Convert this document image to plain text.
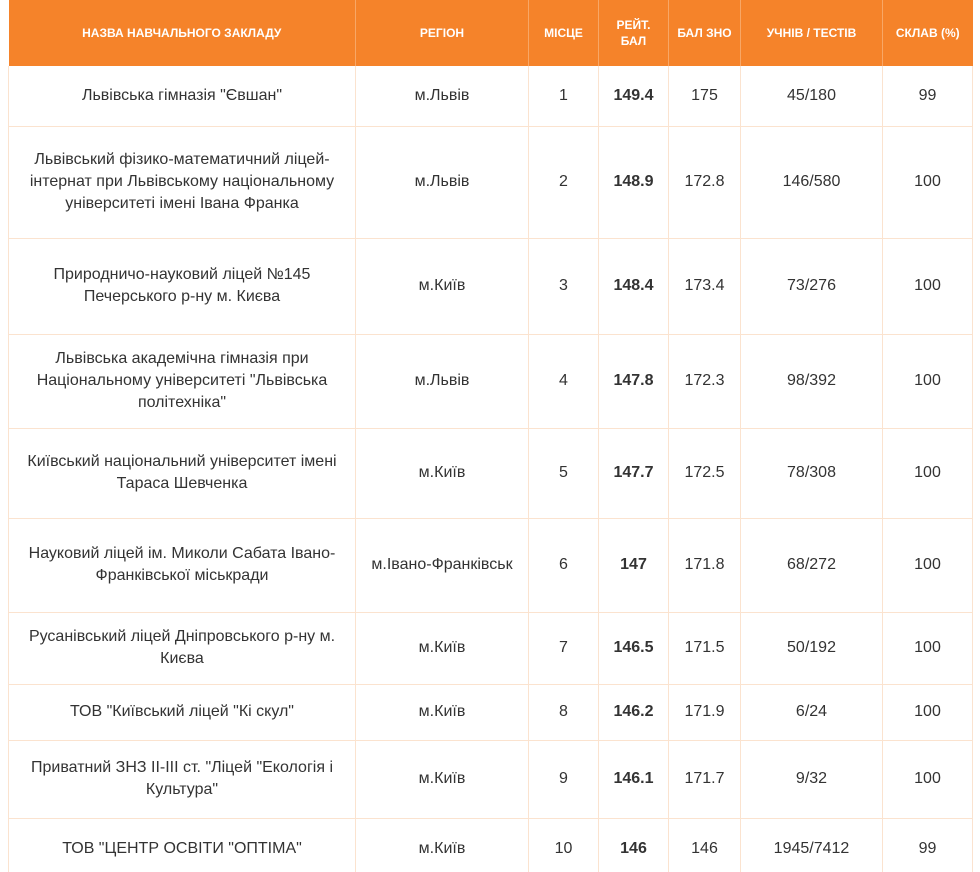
НАЗВА НАВЧАЛЬНОГО ЗАКЛАДУ	РЕГІОН	МІСЦЕ	РЕЙТ. БАЛ	БАЛ ЗНО	УЧНІВ / ТЕСТІВ	СКЛАВ (%)
Львівська гімназія "Євшан"	м.Львів	1	149.4	175	45/180	99
Львівський фізико-математичний ліцей-інтернат при Львівському національному університеті імені Івана Франка	м.Львів	2	148.9	172.8	146/580	100
Природничо-науковий ліцей №145 Печерського р-ну м. Києва	м.Київ	3	148.4	173.4	73/276	100
Львівська академічна гімназія при Національному університеті "Львівська політехніка"	м.Львів	4	147.8	172.3	98/392	100
Київський національний університет імені Тараса Шевченка	м.Київ	5	147.7	172.5	78/308	100
Науковий ліцей ім. Миколи Сабата Івано-Франківської міськради	м.Івано-Франківськ	6	147	171.8	68/272	100
Русанівський ліцей Дніпровського р-ну м. Києва	м.Київ	7	146.5	171.5	50/192	100
ТОВ "Київський ліцей "Кі скул"	м.Київ	8	146.2	171.9	6/24	100
Приватний ЗНЗ ІІ-ІІІ ст. "Ліцей "Екологія і Культура"	м.Київ	9	146.1	171.7	9/32	100
ТОВ "ЦЕНТР ОСВІТИ "ОПТІМА"	м.Київ	10	146	146	1945/7412	99
